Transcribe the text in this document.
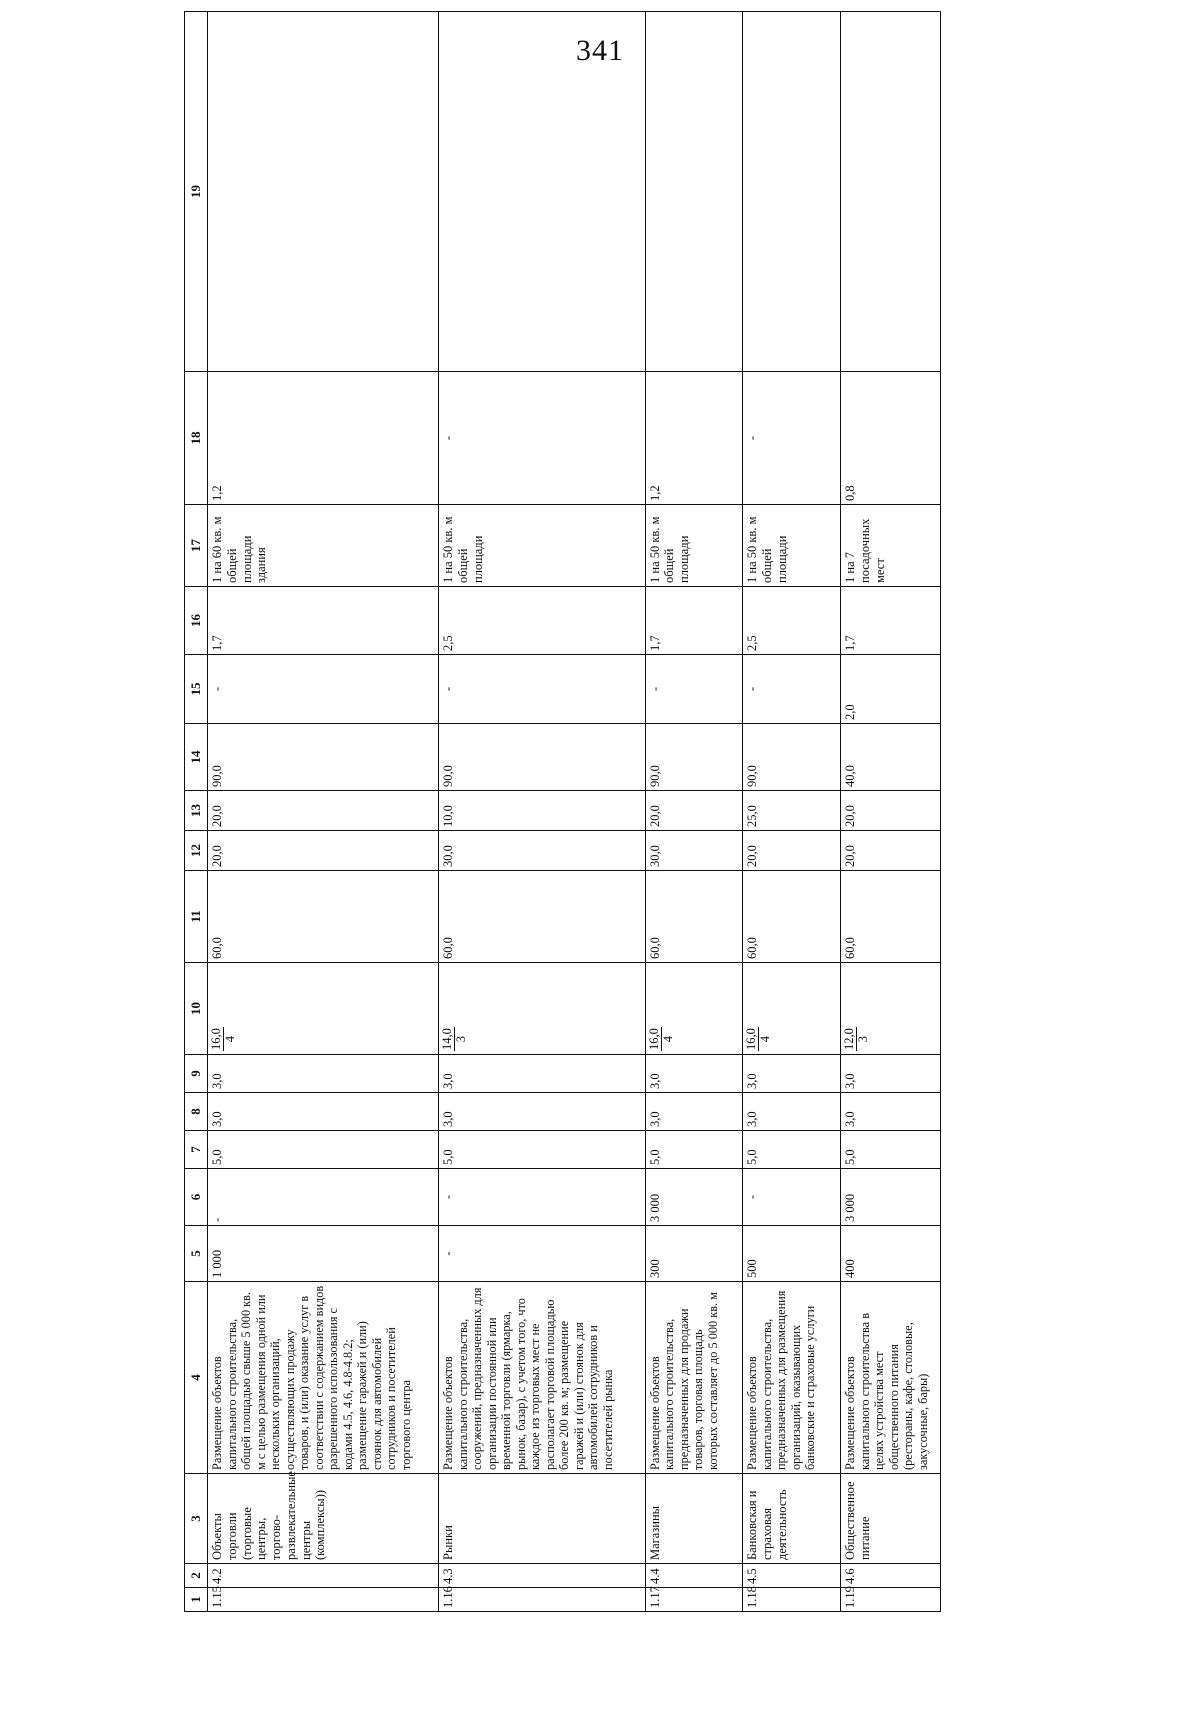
341
1	2	3	4	5	6	7	8	9	10	11	12	13	14	15	16	17	18	19
1.15	4.2	Объекты торговли (торговые центры, торгово-развлекательные центры (комплексы))	Размещение объектов капитального строительства, общей площадью свыше 5 000 кв. м с целью размещения одной или нескольких организаций, осуществляющих продажу товаров, и (или) оказание услуг в соответствии с содержанием видов разрешенного использования с кодами 4.5, 4.6, 4.8-4.8.2; размещение гаражей и (или) стоянок для автомобилей сотрудников и посетителей торгового центра	1 000	-	5,0	3,0	3,0	16,0 4	60,0	20,0	20,0	90,0	-	1,7	1 на 60 кв. м общей площади здания	1,2	
1.16	4.3	Рынки	Размещение объектов капитального строительства, сооружений, предназначенных для организации постоянной или временной торговли (ярмарка, рынок, базар), с учетом того, что каждое из торговых мест не располагает торговой площадью более 200 кв. м; размещение гаражей и (или) стоянок для автомобилей сотрудников и посетителей рынка	-	-	5,0	3,0	3,0	14,0 3	60,0	30,0	10,0	90,0	-	2,5	1 на 50 кв. м общей площади	-	
1.17	4.4	Магазины	Размещение объектов капитального строительства, предназначенных для продажи товаров, торговая площадь которых составляет до 5 000 кв. м	300	3 000	5,0	3,0	3,0	16,0 4	60,0	30,0	20,0	90,0	-	1,7	1 на 50 кв. м общей площади	1,2	
1.18	4.5	Банковская и страховая деятельность	Размещение объектов капитального строительства, предназначенных для размещения организаций, оказывающих банковские и страховые услуги	500	-	5,0	3,0	3,0	16,0 4	60,0	20,0	25,0	90,0	-	2,5	1 на 50 кв. м общей площади	-	
1.19	4.6	Общественное питание	Размещение объектов капитального строительства в целях устройства мест общественного питания (рестораны, кафе, столовые, закусочные, бары)	400	3 000	5,0	3,0	3,0	12,0 3	60,0	20,0	20,0	40,0	2,0	1,7	1 на 7 посадочных мест	0,8	
